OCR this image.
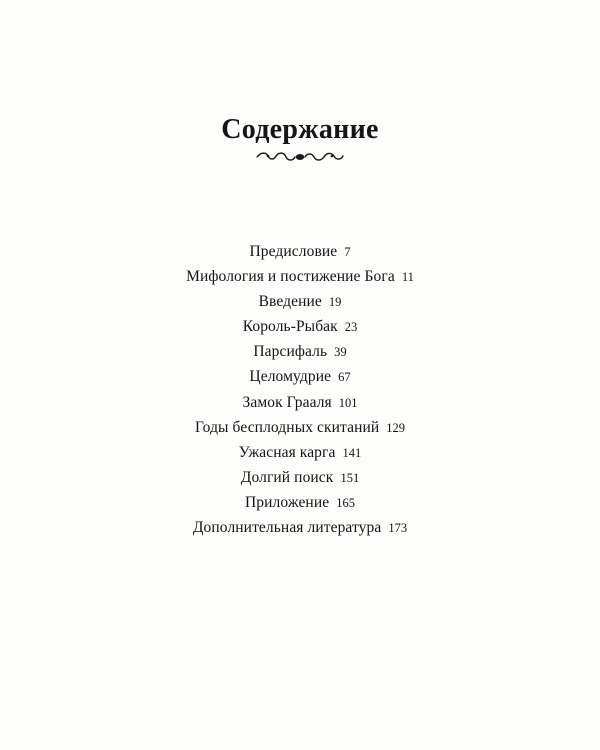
Содержание
Предисловие 7
Мифология и постижение Бога 11
Введение 19
Король-Рыбак 23
Парсифаль 39
Целомудрие 67
Замок Грааля 101
Годы бесплодных скитаний 129
Ужасная карга 141
Долгий поиск 151
Приложение 165
Дополнительная литература 173
